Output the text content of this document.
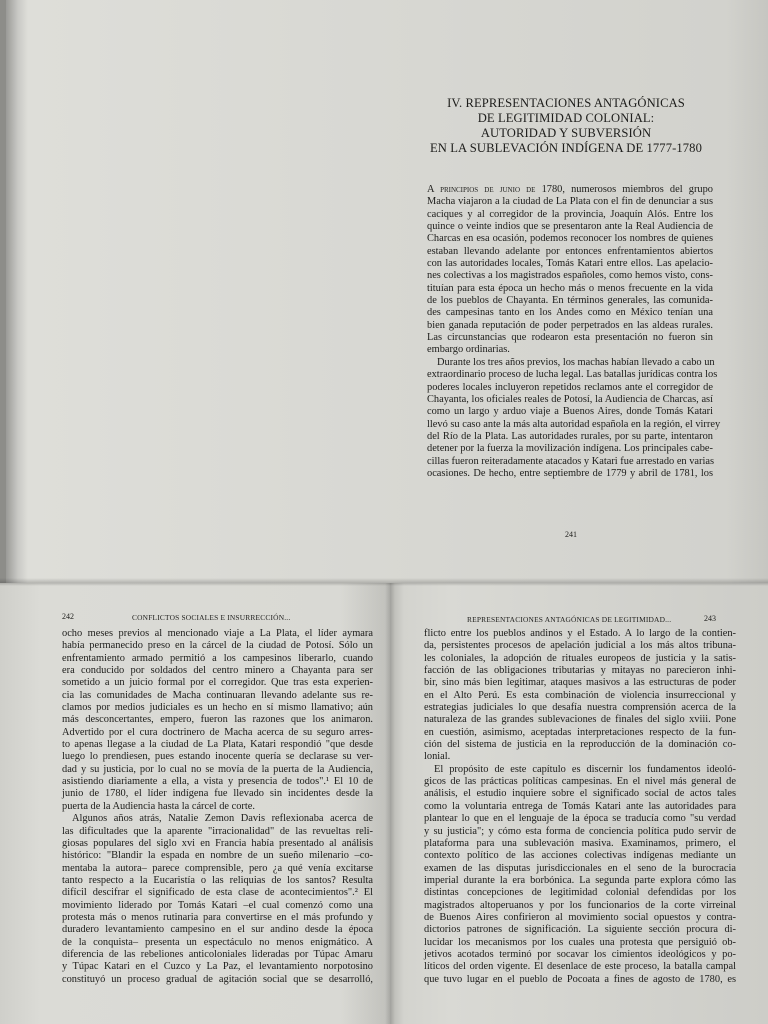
IV. REPRESENTACIONES ANTAGÓNICAS
DE LEGITIMIDAD COLONIAL:
AUTORIDAD Y SUBVERSIÓN
EN LA SUBLEVACIÓN INDÍGENA DE 1777-1780
A principios de junio de 1780, numerosos miembros del grupo
Macha viajaron a la ciudad de La Plata con el fin de denunciar a sus
caciques y al corregidor de la provincia, Joaquín Alós. Entre los
quince o veinte indios que se presentaron ante la Real Audiencia de
Charcas en esa ocasión, podemos reconocer los nombres de quienes
estaban llevando adelante por entonces enfrentamientos abiertos
con las autoridades locales, Tomás Katari entre ellos. Las apelacio-
nes colectivas a los magistrados españoles, como hemos visto, cons-
tituían para esta época un hecho más o menos frecuente en la vida
de los pueblos de Chayanta. En términos generales, las comunida-
des campesinas tanto en los Andes como en México tenían una
bien ganada reputación de poder perpetrados en las aldeas rurales.
Las circunstancias que rodearon esta presentación no fueron sin
embargo ordinarias.
Durante los tres años previos, los machas habían llevado a cabo un
extraordinario proceso de lucha legal. Las batallas jurídicas contra los
poderes locales incluyeron repetidos reclamos ante el corregidor de
Chayanta, los oficiales reales de Potosí, la Audiencia de Charcas, así
como un largo y arduo viaje a Buenos Aires, donde Tomás Katari
llevó su caso ante la más alta autoridad española en la región, el virrey
del Río de la Plata. Las autoridades rurales, por su parte, intentaron
detener por la fuerza la movilización indígena. Los principales cabe-
cillas fueron reiteradamente atacados y Katari fue arrestado en varias
ocasiones. De hecho, entre septiembre de 1779 y abril de 1781, los
241
242	CONFLICTOS SOCIALES E INSURRECCIÓN...
ocho meses previos al mencionado viaje a La Plata, el líder aymara
había permanecido preso en la cárcel de la ciudad de Potosí. Sólo un
enfrentamiento armado permitió a los campesinos liberarlo, cuando
era conducido por soldados del centro minero a Chayanta para ser
sometido a un juicio formal por el corregidor. Que tras esta experien-
cia las comunidades de Macha continuaran llevando adelante sus re-
clamos por medios judiciales es un hecho en sí mismo llamativo; aún
más desconcertantes, empero, fueron las razones que los animaron.
Advertido por el cura doctrinero de Macha acerca de su seguro arres-
to apenas llegase a la ciudad de La Plata, Katari respondió "que desde
luego lo prendiesen, pues estando inocente quería se declarase su ver-
dad y su justicia, por lo cual no se movía de la puerta de la Audiencia,
asistiendo diariamente a ella, a vista y presencia de todos".¹ El 10 de
junio de 1780, el líder indígena fue llevado sin incidentes desde la
puerta de la Audiencia hasta la cárcel de corte.
Algunos años atrás, Natalie Zemon Davis reflexionaba acerca de
las dificultades que la aparente "irracionalidad" de las revueltas reli-
giosas populares del siglo xvi en Francia había presentado al análisis
histórico: "Blandir la espada en nombre de un sueño milenario –co-
mentaba la autora– parece comprensible, pero ¿a qué venía excitarse
tanto respecto a la Eucaristía o las reliquias de los santos? Resulta
difícil descifrar el significado de esta clase de acontecimientos".² El
movimiento liderado por Tomás Katari –el cual comenzó como una
protesta más o menos rutinaria para convertirse en el más profundo y
duradero levantamiento campesino en el sur andino desde la época
de la conquista– presenta un espectáculo no menos enigmático. A
diferencia de las rebeliones anticoloniales lideradas por Túpac Amaru
y Túpac Katari en el Cuzco y La Paz, el levantamiento norpotosino
constituyó un proceso gradual de agitación social que se desarrolló,
REPRESENTACIONES ANTAGÓNICAS DE LEGITIMIDAD...	243
flicto entre los pueblos andinos y el Estado. A lo largo de la contien-
da, persistentes procesos de apelación judicial a los más altos tribuna-
les coloniales, la adopción de rituales europeos de justicia y la satis-
facción de las obligaciones tributarias y mitayas no parecieron inhi-
bir, sino más bien legitimar, ataques masivos a las estructuras de poder
en el Alto Perú. Es esta combinación de violencia insurreccional y
estrategias judiciales lo que desafía nuestra comprensión acerca de la
naturaleza de las grandes sublevaciones de finales del siglo xviii. Pone
en cuestión, asimismo, aceptadas interpretaciones respecto de la fun-
ción del sistema de justicia en la reproducción de la dominación co-
lonial.
El propósito de este capítulo es discernir los fundamentos ideoló-
gicos de las prácticas políticas campesinas. En el nivel más general de
análisis, el estudio inquiere sobre el significado social de actos tales
como la voluntaria entrega de Tomás Katari ante las autoridades para
plantear lo que en el lenguaje de la época se traducía como "su verdad
y su justicia"; y cómo esta forma de conciencia política pudo servir de
plataforma para una sublevación masiva. Examinamos, primero, el
contexto político de las acciones colectivas indígenas mediante un
examen de las disputas jurisdiccionales en el seno de la burocracia
imperial durante la era borbónica. La segunda parte explora cómo las
distintas concepciones de legitimidad colonial defendidas por los
magistrados altoperuanos y por los funcionarios de la corte virreinal
de Buenos Aires confirieron al movimiento social opuestos y contra-
dictorios patrones de significación. La siguiente sección procura di-
lucidar los mecanismos por los cuales una protesta que persiguió ob-
jetivos acotados terminó por socavar los cimientos ideológicos y po-
líticos del orden vigente. El desenlace de este proceso, la batalla campal
que tuvo lugar en el pueblo de Pocoata a fines de agosto de 1780, es
